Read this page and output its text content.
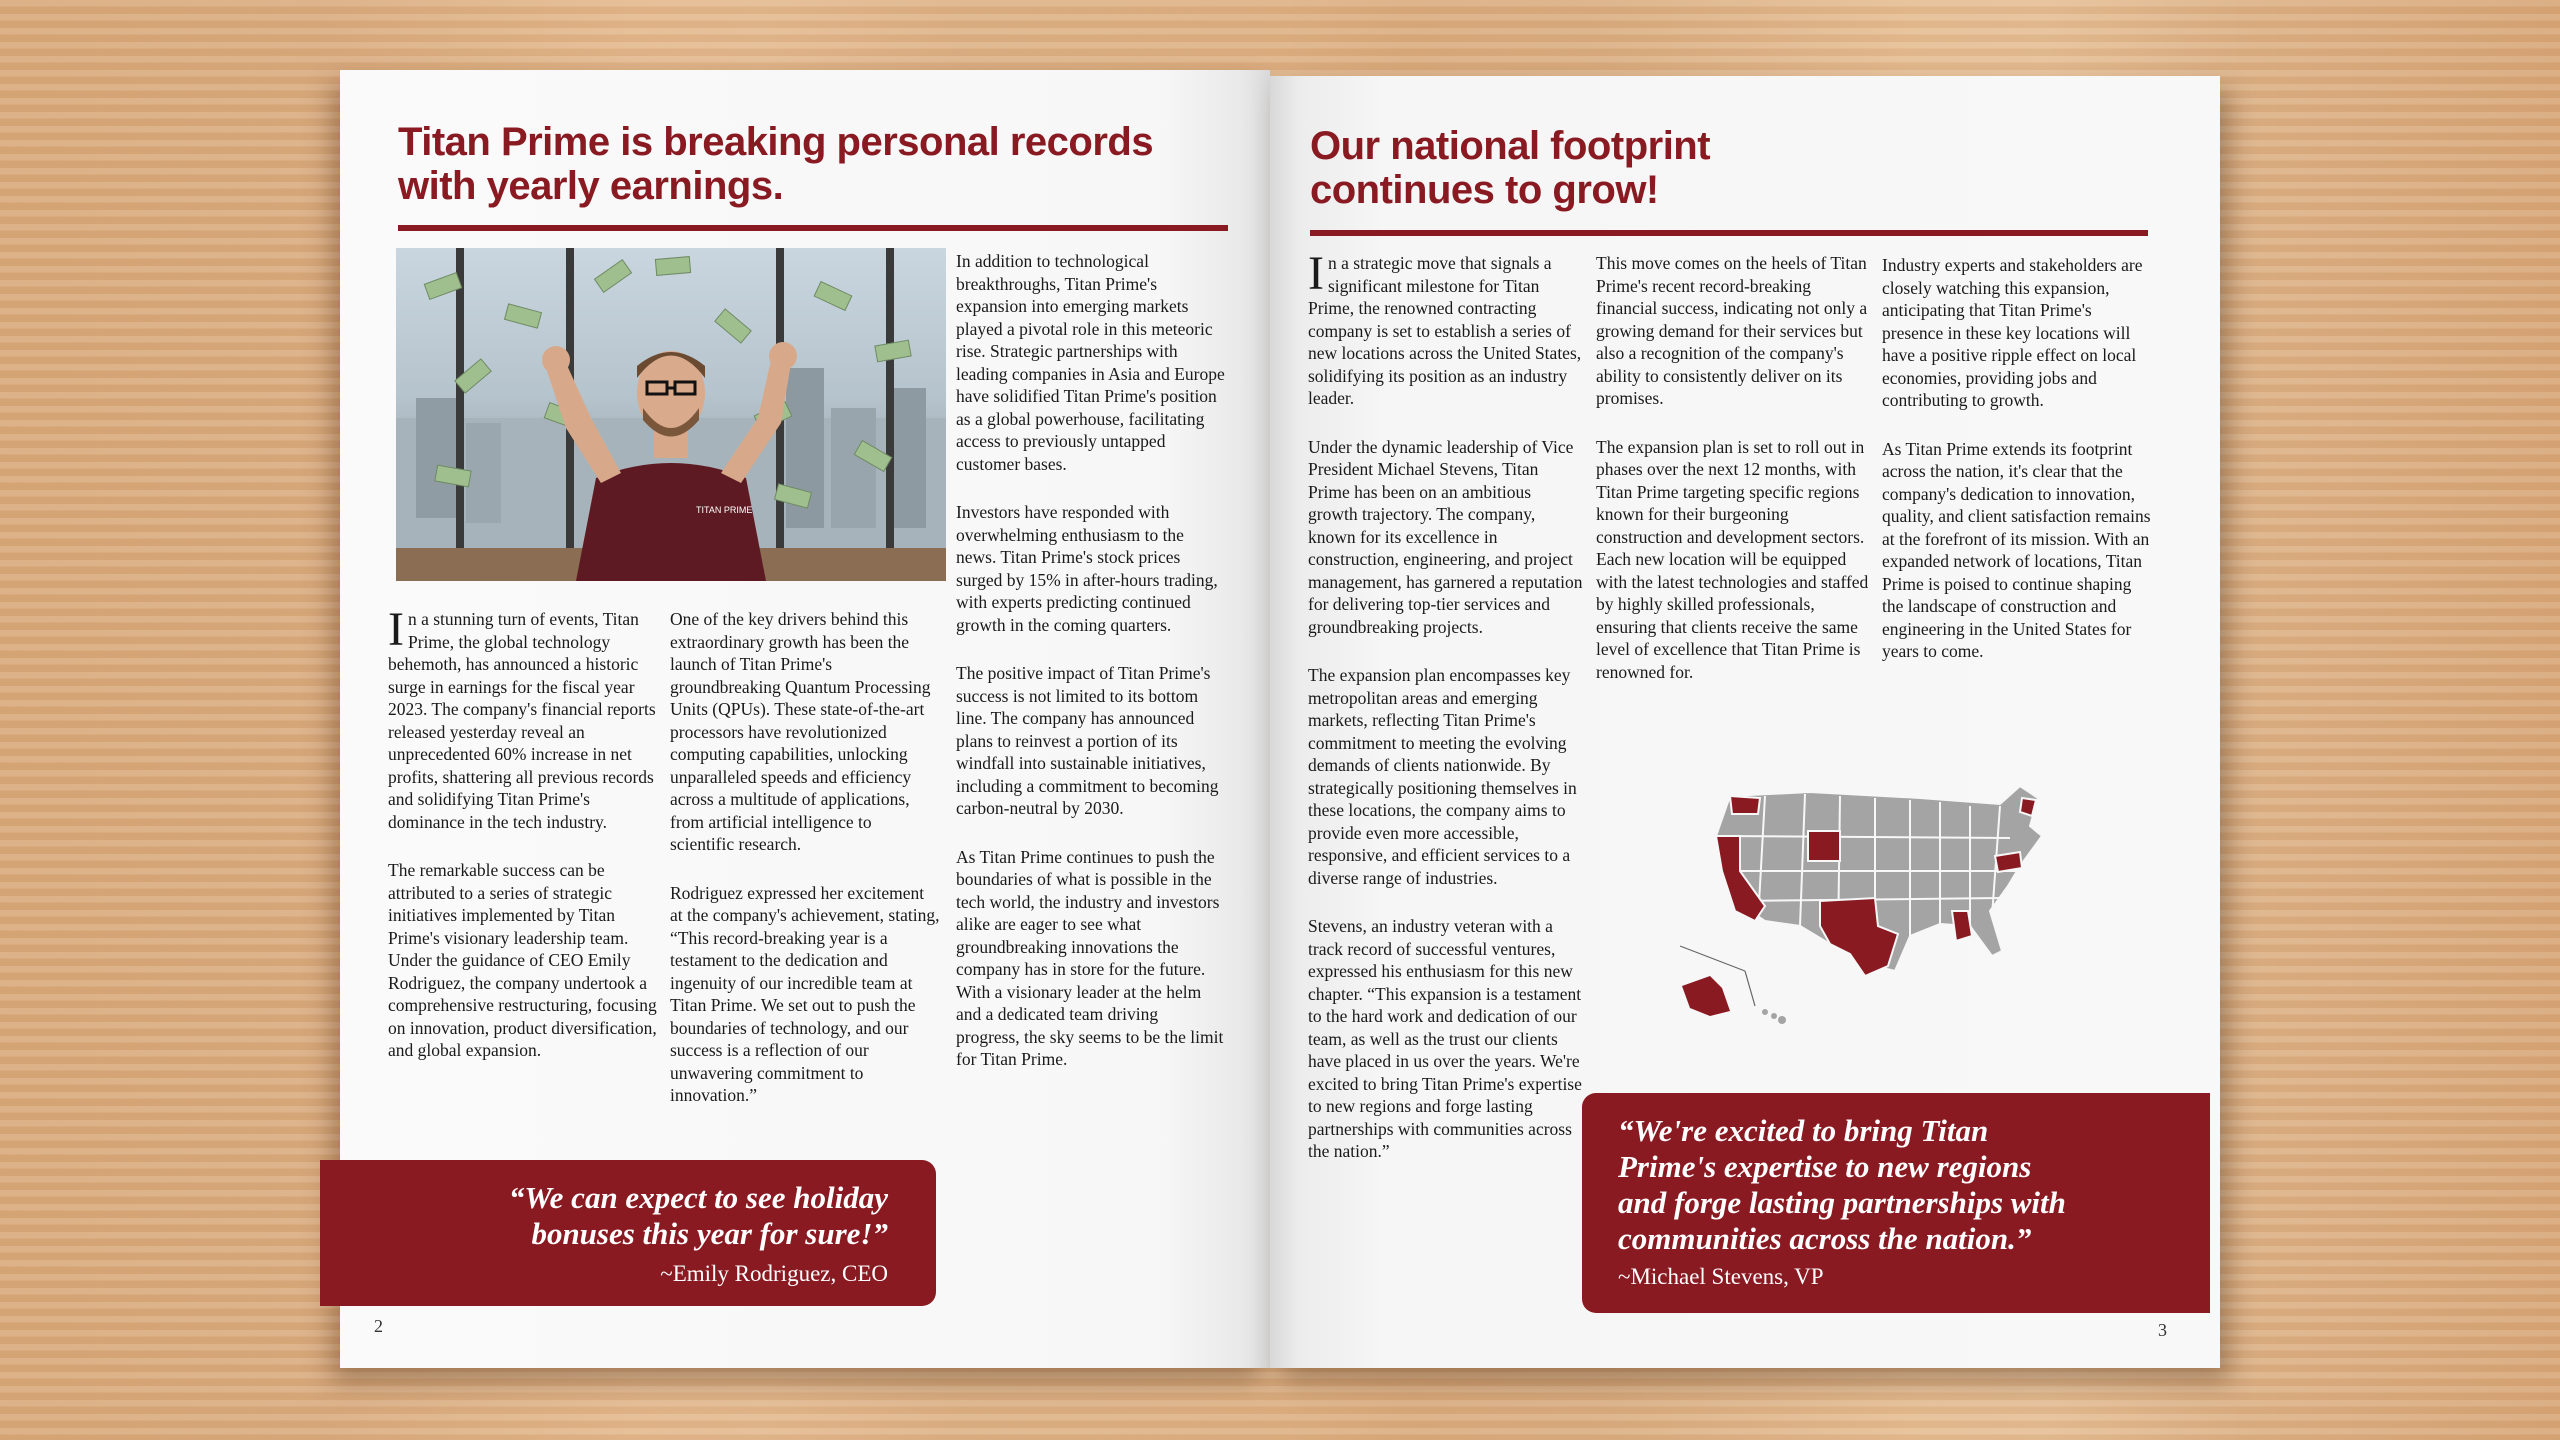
Titan Prime is breaking personal records
with yearly earnings.
TITAN PRIME

In a stunning turn of events, Titan Prime, the global technology behemoth, has announced a historic surge in earnings for the fiscal year 2023. The company's financial reports released yesterday reveal an unprecedented 60% increase in net profits, shattering all previous records and solidifying Titan Prime's dominance in the tech industry.

The remarkable success can be attributed to a series of strategic initiatives implemented by Titan Prime's visionary leadership team. Under the guidance of CEO Emily Rodriguez, the company undertook a comprehensive restructuring, focusing on innovation, product diversification, and global expansion.

One of the key drivers behind this extraordinary growth has been the launch of Titan Prime's groundbreaking Quantum Processing Units (QPUs). These state-of-the-art processors have revolutionized computing capabilities, unlocking unparalleled speeds and efficiency across a multitude of applications, from artificial intelligence to scientific research.

Rodriguez expressed her excitement at the company's achievement, stating, “This record-breaking year is a testament to the dedication and ingenuity of our incredible team at Titan Prime. We set out to push the boundaries of technology, and our success is a reflection of our unwavering commitment to innovation.”

In addition to technological breakthroughs, Titan Prime's expansion into emerging markets played a pivotal role in this meteoric rise. Strategic partnerships with leading companies in Asia and Europe have solidified Titan Prime's position as a global powerhouse, facilitating access to previously untapped customer bases.

Investors have responded with overwhelming enthusiasm to the news. Titan Prime's stock prices surged by 15% in after-hours trading, with experts predicting continued growth in the coming quarters.

The positive impact of Titan Prime's success is not limited to its bottom line. The company has announced plans to reinvest a portion of its windfall into sustainable initiatives, including a commitment to becoming carbon-neutral by 2030.

As Titan Prime continues to push the boundaries of what is possible in the tech world, the industry and investors alike are eager to see what groundbreaking innovations the company has in store for the future. With a visionary leader at the helm and a dedicated team driving progress, the sky seems to be the limit for Titan Prime.

“We can expect to see holiday
bonuses this year for sure!”
~Emily Rodriguez, CEO
2
Our national footprint
continues to grow!

In a strategic move that signals a significant milestone for Titan Prime, the renowned contracting company is set to establish a series of new locations across the United States, solidifying its position as an industry leader.

Under the dynamic leadership of Vice President Michael Stevens, Titan Prime has been on an ambitious growth trajectory. The company, known for its excellence in construction, engineering, and project management, has garnered a reputation for delivering top-tier services and groundbreaking projects.

The expansion plan encompasses key metropolitan areas and emerging markets, reflecting Titan Prime's commitment to meeting the evolving demands of clients nationwide. By strategically positioning themselves in these locations, the company aims to provide even more accessible, responsive, and efficient services to a diverse range of industries.

Stevens, an industry veteran with a track record of successful ventures, expressed his enthusiasm for this new chapter. “This expansion is a testament to the hard work and dedication of our team, as well as the trust our clients have placed in us over the years. We're excited to bring Titan Prime's expertise to new regions and forge lasting partnerships with communities across the nation.”

This move comes on the heels of Titan Prime's recent record-breaking financial success, indicating not only a growing demand for their services but also a recognition of the company's ability to consistently deliver on its promises.

The expansion plan is set to roll out in phases over the next 12 months, with Titan Prime targeting specific regions known for their burgeoning construction and development sectors. Each new location will be equipped with the latest technologies and staffed by highly skilled professionals, ensuring that clients receive the same level of excellence that Titan Prime is renowned for.

Industry experts and stakeholders are closely watching this expansion, anticipating that Titan Prime's presence in these key locations will have a positive ripple effect on local economies, providing jobs and contributing to growth.

As Titan Prime extends its footprint across the nation, it's clear that the company's dedication to innovation, quality, and client satisfaction remains at the forefront of its mission. With an expanded network of locations, Titan Prime is poised to continue shaping the landscape of construction and engineering in the United States for years to come.

“We're excited to bring Titan
Prime's expertise to new regions
and forge lasting partnerships with
communities across the nation.”
~Michael Stevens, VP
3
